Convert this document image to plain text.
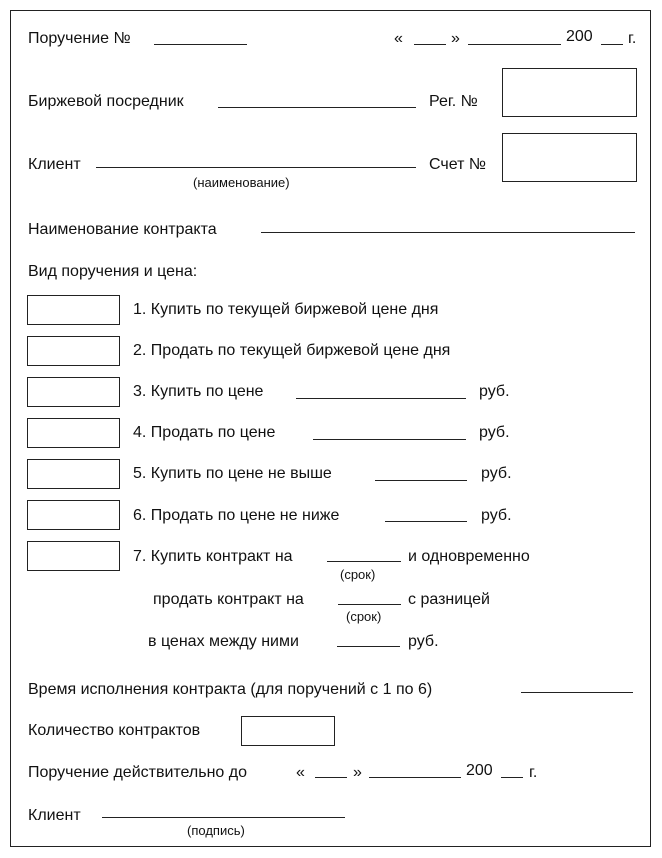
Поручение №	«	»	200 г.
Биржевой посредник	Рег. №
Клиент
(наименование)
Счет №
Наименование контракта
Вид поручения и цена:
1. Купить по текущей биржевой цене дня
2. Продать по текущей биржевой цене дня
3. Купить по цене	руб.
4. Продать по цене	руб.
5. Купить по цене не выше	руб.
6. Продать по цене не ниже	руб.
7. Купить контракт на
(срок)
и одновременно
продать контракт на
(срок)
с разницей
в ценах между ними	руб.
Время исполнения контракта (для поручений с 1 по 6)
Количество контрактов
Поручение действительно до	«	»	200 г.
Клиент
(подпись)
